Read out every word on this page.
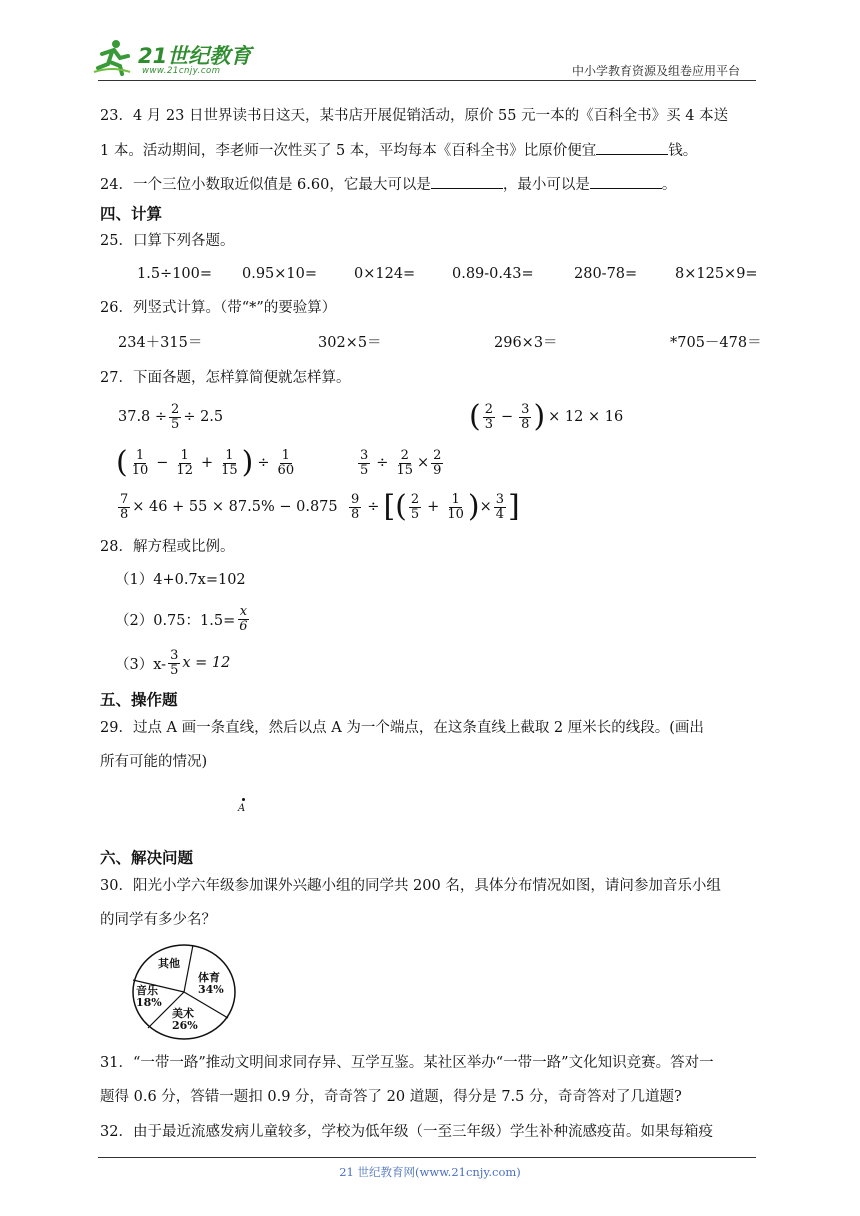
21世纪教育
www.21cnjy.com	中小学教育资源及组卷应用平台
23．4 月 23 日世界读书日这天，某书店开展促销活动，原价 55 元一本的《百科全书》买 4 本送
1 本。活动期间，李老师一次性买了 5 本，平均每本《百科全书》比原价便宜	钱。
24．一个三位小数取近似值是 6.60，它最大可以是	，最小可以是	。
四、计算
25．口算下列各题。
1.5÷100= 0.95×10=	0×124=	0.89-0.43=	280-78=	8×125×9=
26．列竖式计算。（带“*”的要验算）
234＋315＝	302×5＝	296×3＝	*705－478＝
27．下面各题，怎样算简便就怎样算。
$37.8 \div \frac{2}{5} \div 2.5$	( $\frac{2}{3} - \frac{3}{8}$ ) × 12 × 16
( $\frac{1}{10} - \frac{1}{12} + \frac{1}{15}$ ) ÷ $\frac{1}{60}$	$\frac{3}{5} \div \frac{2}{15} \times \frac{2}{9}$
$\frac{7}{8} \times 46 + 55 \times 87.5\% - 0.875 \frac{9}{8}$ ÷ [ ( $\frac{2}{5} + \frac{1}{10}$ ) × $\frac{3}{4}$ ]
28．解方程或比例。
（1）4+0.7x=102
（2）0.75：$1.5= \frac{x}{6}$
$(3)x- \frac{3}{5}$ x = 12
五、操作题
29．过点 A 画一条直线，然后以点 A 为一个端点，在这条直线上截取 2 厘米长的线段。(画出
所有可能的情况)
A
六、解决问题
30．阳光小学六年级参加课外兴趣小组的同学共 200 名，具体分布情况如图，请问参加音乐小组
的同学有多少名？
其他
体育
34%
音乐
18%
美术
26%
31．“一带一路”推动文明间求同存异、互学互鉴。某社区举办“一带一路”文化知识竞赛。答对一
题得 0.6 分，答错一题扣 0.9 分，奇奇答了 20 道题，得分是 7.5 分，奇奇答对了几道题?
32．由于最近流感发病儿童较多，学校为低年级（一至三年级）学生补种流感疫苗。如果每箱疫
21 世纪教育网(www.21cnjy.com)
